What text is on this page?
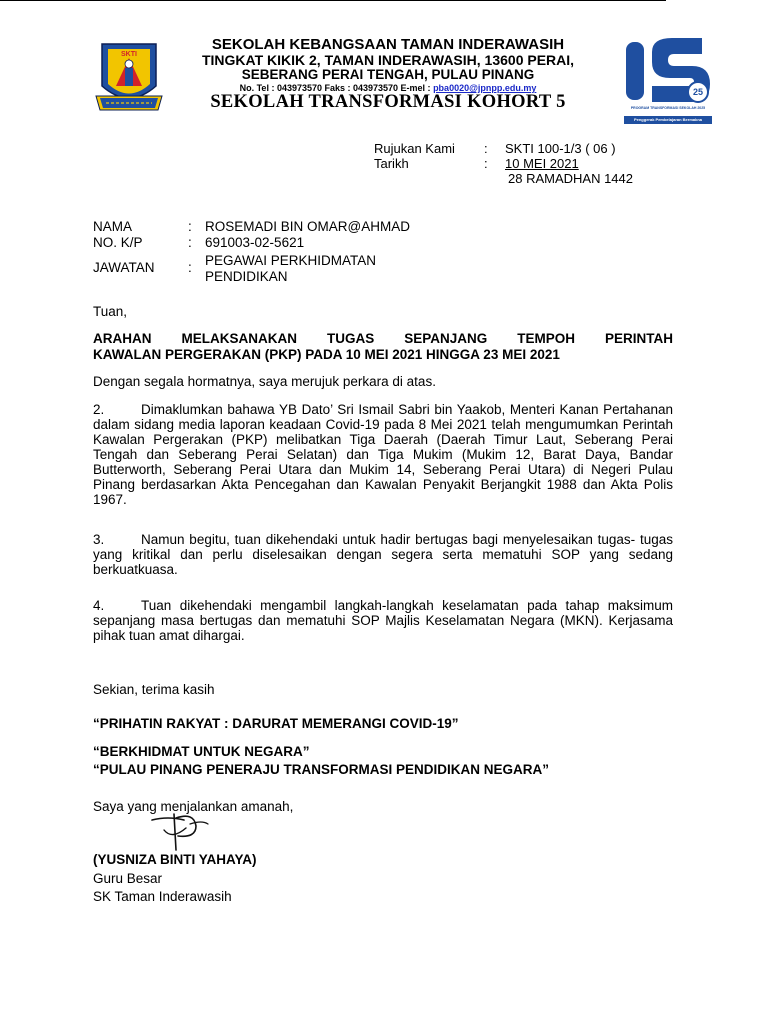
SKTI
25
PROGRAM TRANSFORMASI SEKOLAH 2025
Penggerak Pembelajaran Bermakna
SEKOLAH KEBANGSAAN TAMAN INDERAWASIH
TINGKAT KIKIK 2, TAMAN INDERAWASIH, 13600 PERAI,
SEBERANG PERAI TENGAH, PULAU PINANG
No. Tel : 043973570 Faks : 043973570 E-mel : pba0020@jpnpp.edu.my
SEKOLAH TRANSFORMASI KOHORT 5
Rujukan Kami : SKTI 100-1/3 ( 06 )
Tarikh	: 10 MEI 2021
28 RAMADHAN 1442
NAMA	: ROSEMADI BIN OMAR@AHMAD
NO. K/P	: 691003-02-5621
JAWATAN : PEGAWAI PERKHIDMATAN
PENDIDIKAN
Tuan,
ARAHAN MELAKSANAKAN TUGAS SEPANJANG TEMPOH PERINTAH
KAWALAN PERGERAKAN (PKP) PADA 10 MEI 2021 HINGGA 23 MEI 2021
Dengan segala hormatnya, saya merujuk perkara di atas.
2.	Dimaklumkan bahawa YB Dato’ Sri Ismail Sabri bin Yaakob, Menteri Kanan Pertahanan dalam sidang media laporan keadaan Covid-19 pada 8 Mei 2021 telah mengumumkan Perintah Kawalan Pergerakan (PKP) melibatkan Tiga Daerah (Daerah Timur Laut, Seberang Perai Tengah dan Seberang Perai Selatan) dan Tiga Mukim (Mukim 12, Barat Daya, Bandar Butterworth, Seberang Perai Utara dan Mukim 14, Seberang Perai Utara) di Negeri Pulau Pinang berdasarkan Akta Pencegahan dan Kawalan Penyakit Berjangkit 1988 dan Akta Polis 1967.
3.	Namun begitu, tuan dikehendaki untuk hadir bertugas bagi menyelesaikan tugas- tugas yang kritikal dan perlu diselesaikan dengan segera serta mematuhi SOP yang sedang berkuatkuasa.
4.	Tuan dikehendaki mengambil langkah-langkah keselamatan pada tahap maksimum sepanjang masa bertugas dan mematuhi SOP Majlis Keselamatan Negara (MKN). Kerjasama pihak tuan amat dihargai.
Sekian, terima kasih
“PRIHATIN RAKYAT : DARURAT MEMERANGI COVID-19”
“BERKHIDMAT UNTUK NEGARA”
“PULAU PINANG PENERAJU TRANSFORMASI PENDIDIKAN NEGARA”
Saya yang menjalankan amanah,
(YUSNIZA BINTI YAHAYA)
Guru Besar
SK Taman Inderawasih
